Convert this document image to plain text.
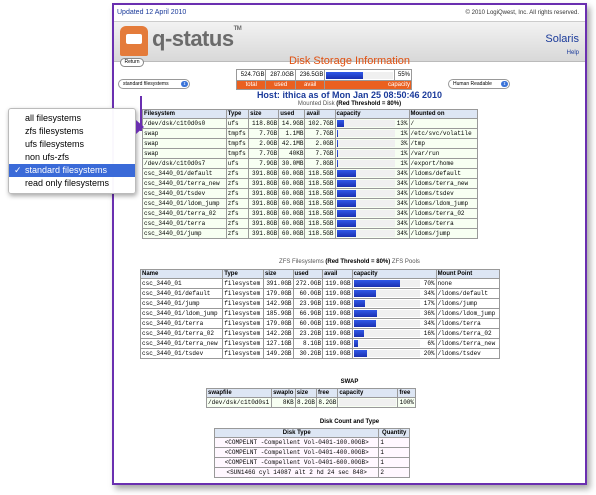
Updated 12 April 2010	© 2010 LogiQwest, Inc. All rights reserved.
q-status™
Solaris
Help
Return	Disk Storage Information
standard filesystems	⇕	Human Readable	⇕
524.7GB	287.0GB	236.5GB		55%
total	used	avail	capacity	
Host: ithica as of Mon Jan 25 08:50:46 2010
Mounted Disk (Red Threshold = 80%)
Filesystem	Type	size	used	avail	capacity	Mounted on
/dev/dsk/c1t0d0s0	ufs	118.8GB	14.9GB	102.7GB	13%	/
swap	tmpfs	7.7GB	1.1MB	7.7GB	1%	/etc/svc/volatile
swap	tmpfs	2.0GB	42.1MB	2.0GB	3%	/tmp
swap	tmpfs	7.7GB	40KB	7.7GB	1%	/var/run
/dev/dsk/c1t0d0s7	ufs	7.9GB	30.0MB	7.8GB	1%	/export/home
csc_3440_01/default	zfs	391.8GB	60.0GB	118.5GB	34%	/ldoms/default
csc_3440_01/terra_new	zfs	391.8GB	60.0GB	118.5GB	34%	/ldoms/terra_new
csc_3440_01/tsdev	zfs	391.8GB	60.0GB	118.5GB	34%	/ldoms/tsdev
csc_3440_01/ldom_jump	zfs	391.8GB	60.0GB	118.5GB	34%	/ldoms/ldom_jump
csc_3440_01/terra_02	zfs	391.8GB	60.0GB	118.5GB	34%	/ldoms/terra_02
csc_3440_01/terra	zfs	391.8GB	60.0GB	118.5GB	34%	/ldoms/terra
csc_3440_01/jump	zfs	391.8GB	60.0GB	118.5GB	34%	/ldoms/jump
ZFS Filesystems (Red Threshold = 80%) ZFS Pools
Name	Type	size	used	avail	capacity	Mount Point
csc_3440_01	filesystem	391.0GB	272.0GB	119.0GB	70%	none
csc_3440_01/default	filesystem	179.0GB	60.0GB	119.0GB	34%	/ldoms/default
csc_3440_01/jump	filesystem	142.9GB	23.9GB	119.0GB	17%	/ldoms/jump
csc_3440_01/ldom_jump	filesystem	185.9GB	66.9GB	119.0GB	36%	/ldoms/ldom_jump
csc_3440_01/terra	filesystem	179.0GB	60.0GB	119.0GB	34%	/ldoms/terra
csc_3440_01/terra_02	filesystem	142.2GB	23.2GB	119.0GB	16%	/ldoms/terra_02
csc_3440_01/terra_new	filesystem	127.1GB	8.1GB	119.0GB	6%	/ldoms/terra_new
csc_3440_01/tsdev	filesystem	149.2GB	30.2GB	119.0GB	20%	/ldoms/tsdev
SWAP
swapfile	swaplo	size	free	capacity	free
/dev/dsk/c1t0d0s1	8KB	8.2GB	8.2GB		100%
Disk Count and Type
Disk Type	Quantity
<COMPELNT -Compellent Vol-0401-100.00GB>	1
<COMPELNT -Compellent Vol-0401-400.00GB>	1
<COMPELNT -Compellent Vol-0401-600.00GB>	1
<SUN146G cyl 14087 alt 2 hd 24 sec 848>	2
all filesystems
zfs filesystems
ufs filesystems
non ufs-zfs
✓ standard filesystems
read only filesystems
